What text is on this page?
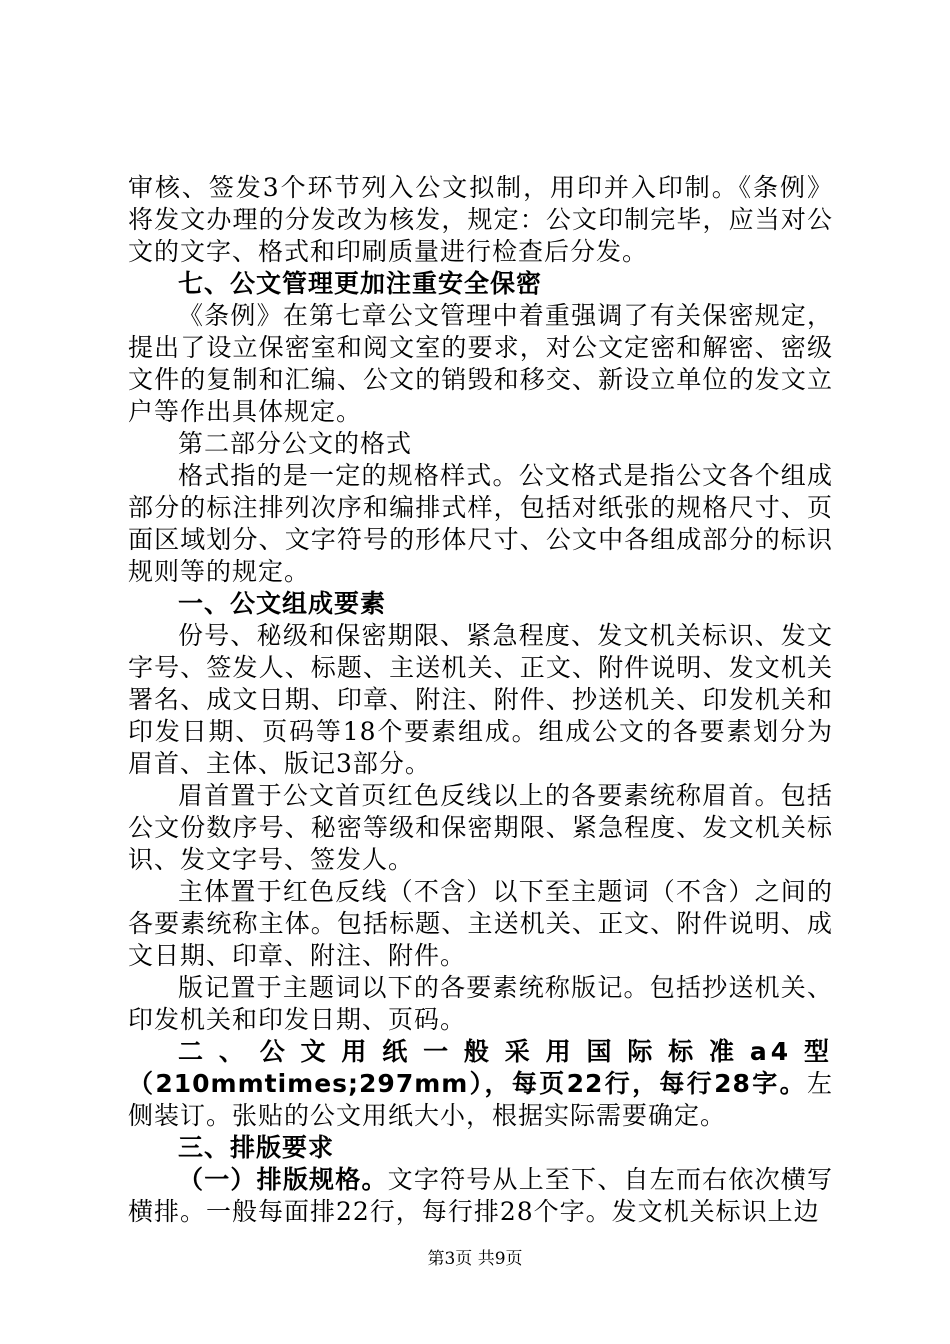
审核、签发3个环节列入公文拟制，用印并入印制。《条例》将发文办理的分发改为核发，规定：公文印制完毕，应当对公文的文字、格式和印刷质量进行检查后分发。

七、公文管理更加注重安全保密

《条例》在第七章公文管理中着重强调了有关保密规定，提出了设立保密室和阅文室的要求，对公文定密和解密、密级文件的复制和汇编、公文的销毁和移交、新设立单位的发文立户等作出具体规定。

第二部分公文的格式

格式指的是一定的规格样式。公文格式是指公文各个组成部分的标注排列次序和编排式样，包括对纸张的规格尺寸、页面区域划分、文字符号的形体尺寸、公文中各组成部分的标识规则等的规定。

一、公文组成要素

份号、秘级和保密期限、紧急程度、发文机关标识、发文字号、签发人、标题、主送机关、正文、附件说明、发文机关署名、成文日期、印章、附注、附件、抄送机关、印发机关和印发日期、页码等18个要素组成。组成公文的各要素划分为眉首、主体、版记3部分。

眉首置于公文首页红色反线以上的各要素统称眉首。包括公文份数序号、秘密等级和保密期限、紧急程度、发文机关标识、发文字号、签发人。

主体置于红色反线（不含）以下至主题词（不含）之间的各要素统称主体。包括标题、主送机关、正文、附件说明、成文日期、印章、附注、附件。

版记置于主题词以下的各要素统称版记。包括抄送机关、印发机关和印发日期、页码。

二、公文用纸一般采用国际标准a4型

（210mmtimes;297mm），每页22行，每行28字。左侧装订。张贴的公文用纸大小，根据实际需要确定。

三、排版要求

（一）排版规格。文字符号从上至下、自左而右依次横写横排。一般每面排22行，每行排28个字。发文机关标识上边

第3页 共9页
